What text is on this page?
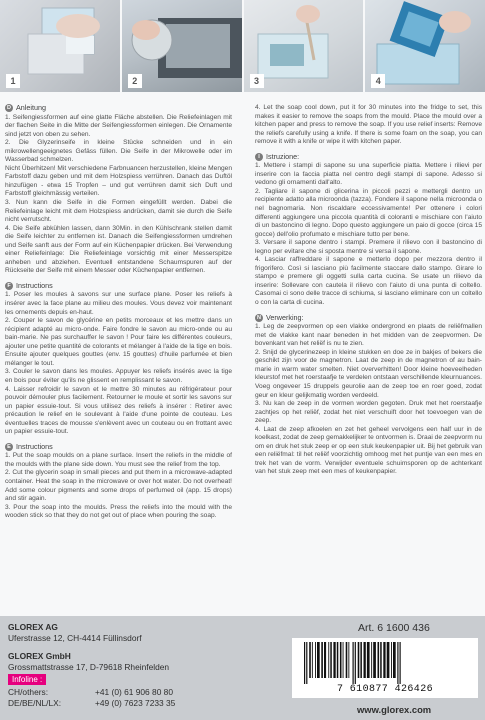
1	2	3	4
D Anleitung

1. Seifengiessformen auf eine glatte Fläche abstellen. Die Reliefeinlagen mit der flachen Seite in die Mitte der Seifengiessformen einlegen. Die Ornamente sind jetzt von oben zu sehen.

2. Die Glyzerinseife in kleine Stücke schneiden und in ein mikrowellengeeignetes Gefäss füllen. Die Seife in der Mikrowelle oder im Wasserbad schmelzen.

Nicht Überhitzen! Mit verschiedene Farbnuancen herzustellen, kleine Mengen Farbstoff dazu geben und mit dem Holzspiess verrühren. Danach das Duftöl hinzufügen - etwa 15 Tropfen – und gut verrühren damit sich Duft und Farbstoff gleichmässig verteilen.

3. Nun kann die Seife in die Formen eingefüllt werden. Dabei die Reliefeinlage leicht mit dem Holzspiess andrücken, damit sie durch die Seife nicht verrutscht.

4. Die Seife abkühlen lassen, dann 30Min. in den Kühlschrank stellen damit die Seife leichter zu entfernen ist. Danach die Seifengiessformen umdrehen und Seife sanft aus der Form auf ein Küchenpapier drücken. Bei Verwendung einer Reliefeinlage: Die Reliefeinlage vorsichtig mit einer Messerspitze anheben und abziehen. Eventuell entstandene Schaumspuren auf der Rückseite der Seife mit einem Messer oder Küchenpapier entfernen.

F Instructions

1. Poser les moules à savons sur une surface plane. Poser les reliefs à insérer avec la face plane au milieu des moules. Vous devez voir maintenant les ornements depuis en-haut.

2. Couper le savon de glycérine en petits morceaux et les mettre dans un récipient adapté au micro-onde. Faire fondre le savon au micro-onde ou au bain-marie. Ne pas surchauffer le savon ! Pour faire les différentes couleurs, ajouter une petite quantité de colorants et mélanger à l'aide de la tige en bois. Ensuite ajouter quelques gouttes (env. 15 gouttes) d'huile parfumée et bien mélanger le tout.

3. Couler le savon dans les moules. Appuyer les reliefs insérés avec la tige en bois pour éviter qu'ils ne glissent en remplissant le savon.

4. Laisser refroidir le savon et le mettre 30 minutes au réfrigérateur pour pouvoir démouler plus facilement. Retourner le moule et sortir les savons sur un papier essuie-tout. Si vous utilisez des reliefs à insérer : Retirer avec précaution le relief en le soulevant à l'aide d'une pointe de couteau. Les éventuelles traces de mousse s'enlèvent avec un couteau ou en frottant avec un papier essuie-tout.

E Instructions

1. Put the soap moulds on a plane surface. Insert the reliefs in the middle of the moulds with the plane side down. You must see the relief from the top.

2. Cut the glycerin soap in small pieces and put them in a microwave-adapted container. Heat the soap in the microwave or over hot water. Do not overheat! Add some colour pigments and some drops of perfumed oil (app. 15 drops) and stir again.

3. Pour the soap into the moulds. Press the reliefs into the mould with the wooden stick so that they do not get out of place when pouring the soap.

4. Let the soap cool down, put it for 30 minutes into the fridge to set, this makes it easier to remove the soaps from the mould. Place the mould over a kitchen paper and press to remove the soap. If you use relief inserts: Remove the reliefs carefully using a knife. If there is some foam on the soap, you can remove it with a knife or wipe it with kitchen paper.

I Istruzione:

1. Mettere i stampi di sapone su una superficie piatta. Mettere i rilievi per inserire con la faccia piatta nel centro degli stampi di sapone. Adesso si vedono gli ornamenti dall'alto.

2. Tagliare il sapone di glicerina in piccoli pezzi e mettergli dentro un recipiente adatto alla microonda (tazza). Fondere il sapone nella microonda o nel bagnomaria. Non riscaldare eccessivamente! Per ottenere i colori differenti aggiungere una piccola quantità di coloranti e mischiare con l'aiuto di un bastoncino di legno. Dopo questo aggiungere un paio di gocce (circa 15 gocce) dell'olio profumato e mischiare tutto per bene.

3. Versare il sapone dentro i stampi. Premere il rilievo con il bastoncino di legno per evitare che si sposta mentre si versa il sapone.

4. Lasciar raffreddare il sapone e metterlo dopo per mezzora dentro il frigorifero. Così si lasciano più facilmente staccare dallo stampo. Girare lo stampo e premere gli oggetti sulla carta cucina. Se usate un rilievo da inserire: Sollevare con cautela il rilievo con l'aiuto di una punta di coltello. Casomai ci sono delle tracce di schiuma, si lasciano eliminare con un coltello o con la carta di cucina.

N Verwerking:

1. Leg de zeepvormen op een vlakke ondergrond en plaats de reliëfmallen met de vlakke kant naar beneden in het midden van de zeepvormen. De bovenkant van het reliëf is nu te zien.

2. Snijd de glycerinezeep in kleine stukken en doe ze in bakjes of bekers die geschikt zijn voor de magnetron. Laat de zeep in de magnetron of au bain-marie in warm water smelten. Niet oververhitten! Door kleine hoeveelheden kleurstof met het roerstaafje te verdelen ontstaan verschillende kleurnuances. Voeg ongeveer 15 druppels geurolie aan de zeep toe en roer goed, zodat geur en kleur gelijkmatig worden verdeeld.

3. Nu kan de zeep in de vormen worden gegoten. Druk met het roerstaafje zachtjes op het reliëf, zodat het niet verschuift door het toevoegen van de zeep.

4. Laat de zeep afkoelen en zet het geheel vervolgens een half uur in de koelkast, zodat de zeep gemakkelijker te ontvormen is. Draai de zeepvorm nu om en druk het stuk zeep er op een stuk keukenpapier uit. Bij het gebruik van een reliëfmal: til het reliëf voorzichtig omhoog met het puntje van een mes en trek het van de vorm. Verwijder eventuele schuimsporen op de achterkant van het stuk zeep met een mes of keukenpapier.

GLOREX AG
Uferstrasse 12, CH-4414 Füllinsdorf
GLOREX GmbH
Grossmattstrasse 17, D-79618 Rheinfelden
Infoline :
CH/others:	+41 (0) 61 906 80 80
DE/BE/NL/LX:	+49 (0) 7623 7233 35
Art. 6 1600 436
7 610877 426426
www.glorex.com
